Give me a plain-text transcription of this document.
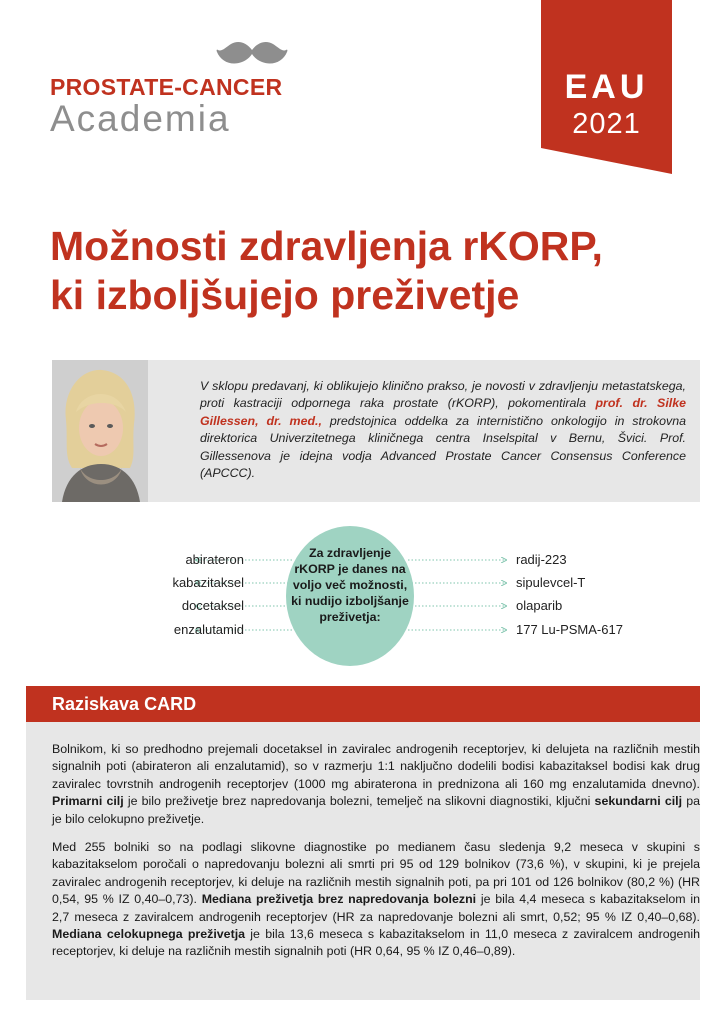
PROSTATE-CANCER
Academia
EAU
2021
Možnosti zdravljenja rKORP,
ki izboljšujejo preživetje

V sklopu predavanj, ki oblikujejo klinično prakso, je novosti v zdravljenju metastatskega, proti kastraciji odpornega raka prostate (rKORP), pokomentirala prof. dr. Silke Gillessen, dr. med., predstojnica oddelka za internistično onkologijo in strokovna direktorica Univerzitetnega kliničnega centra Inselspital v Bernu, Švici. Prof. Gillessenova je idejna vodja Advanced Prostate Cancer Consensus Conference (APCCC).

Za zdravljenje rKORP je danes na voljo več možnosti, ki nudijo izboljšanje preživetja:
abirateron
kabazitaksel
docetaksel
enzalutamid
radij-223
sipulevcel-T
olaparib
177 Lu-PSMA-617
Raziskava CARD

Bolnikom, ki so predhodno prejemali docetaksel in zaviralec androgenih receptorjev, ki delujeta na različnih mestih signalnih poti (abirateron ali enzalutamid), so v razmerju 1:1 naključno dodelili bodisi kabazitaksel bodisi kak drug zaviralec tovrstnih androgenih receptorjev (1000 mg abiraterona in prednizona ali 160 mg enzalutamida dnevno). Primarni cilj je bilo preživetje brez napredovanja bolezni, temelječ na slikovni diagnostiki, ključni sekundarni cilj pa je bilo celokupno preživetje.

Med 255 bolniki so na podlagi slikovne diagnostike po medianem času sledenja 9,2 meseca v skupini s kabazitakselom poročali o napredovanju bolezni ali smrti pri 95 od 129 bolnikov (73,6 %), v skupini, ki je prejela zaviralec androgenih receptorjev, ki deluje na različnih mestih signalnih poti, pa pri 101 od 126 bolnikov (80,2 %) (HR 0,54, 95 % IZ 0,40–0,73). Mediana preživetja brez napredovanja bolezni je bila 4,4 meseca s kabazitakselom in 2,7 meseca z zaviralcem androgenih receptorjev (HR za napredovanje bolezni ali smrt, 0,52; 95 % IZ 0,40–0,68). Mediana celokupnega preživetja je bila 13,6 meseca s kabazitakselom in 11,0 meseca z zaviralcem androgenih receptorjev, ki deluje na različnih mestih signalnih poti (HR 0,64, 95 % IZ 0,46–0,89).
